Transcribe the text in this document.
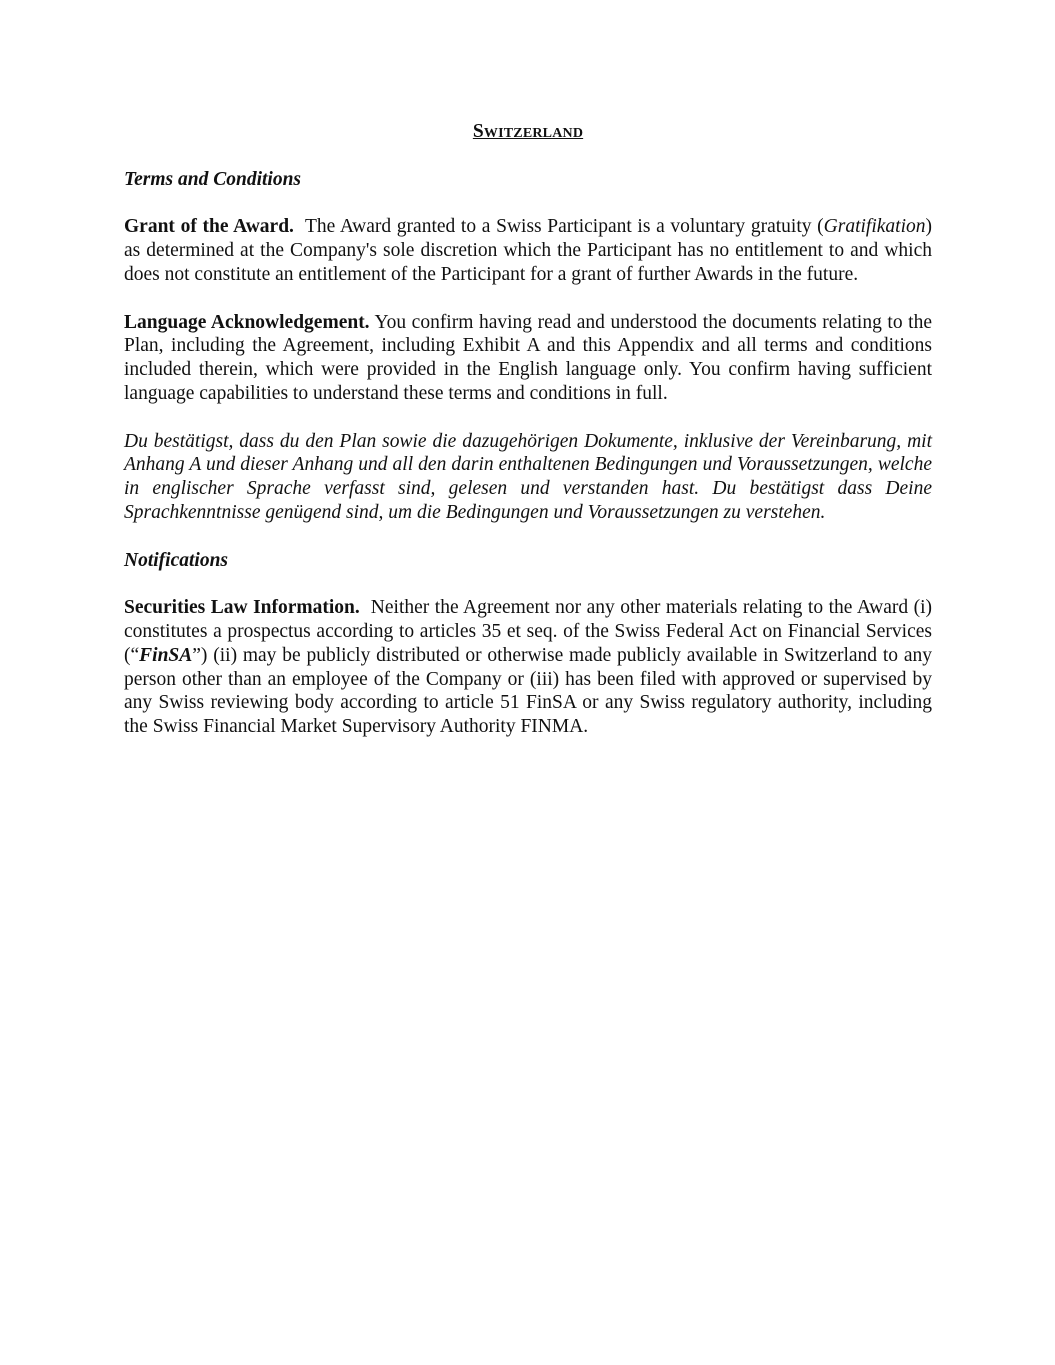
Switzerland
Terms and Conditions

Grant of the Award. The Award granted to a Swiss Participant is a voluntary gratuity (Gratifikation) as determined at the Company's sole discretion which the Participant has no entitlement to and which does not constitute an entitlement of the Participant for a grant of further Awards in the future.

Language Acknowledgement. You confirm having read and understood the documents relating to the Plan, including the Agreement, including Exhibit A and this Appendix and all terms and conditions included therein, which were provided in the English language only. You confirm having sufficient language capabilities to understand these terms and conditions in full.

Du bestätigst, dass du den Plan sowie die dazugehörigen Dokumente, inklusive der Vereinbarung, mit Anhang A und dieser Anhang und all den darin enthaltenen Bedingungen und Voraussetzungen, welche in englischer Sprache verfasst sind, gelesen und verstanden hast. Du bestätigst dass Deine Sprachkenntnisse genügend sind, um die Bedingungen und Voraussetzungen zu verstehen.

Notifications

Securities Law Information. Neither the Agreement nor any other materials relating to the Award (i) constitutes a prospectus according to articles 35 et seq. of the Swiss Federal Act on Financial Services (“FinSA”) (ii) may be publicly distributed or otherwise made publicly available in Switzerland to any person other than an employee of the Company or (iii) has been filed with approved or supervised by any Swiss reviewing body according to article 51 FinSA or any Swiss regulatory authority, including the Swiss Financial Market Supervisory Authority FINMA.
